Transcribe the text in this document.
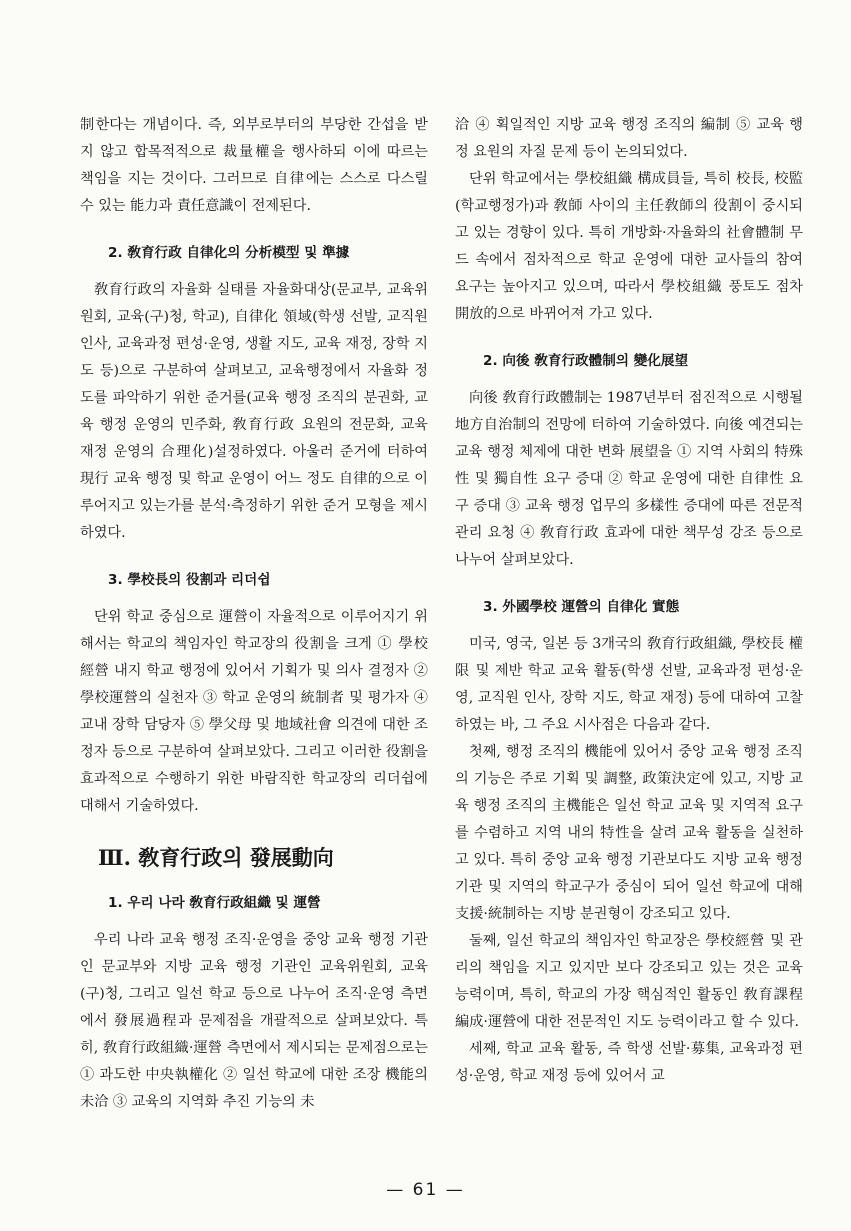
制한다는 개념이다. 즉, 외부로부터의 부당한 간섭을 받지 않고 합목적적으로 裁量權을 행사하되 이에 따르는 책임을 지는 것이다. 그러므로 自律에는 스스로 다스릴 수 있는 能力과 責任意識이 전제된다.

2. 敎育行政 自律化의 分析模型 및 準據

敎育行政의 자율화 실태를 자율화대상(문교부, 교육위원회, 교육(구)청, 학교), 自律化 領域(학생 선발, 교직원 인사, 교육과정 편성·운영, 생활 지도, 교육 재정, 장학 지도 등)으로 구분하여 살펴보고, 교육행정에서 자율화 정도를 파악하기 위한 준거를(교육 행정 조직의 분권화, 교육 행정 운영의 민주화, 敎育行政 요원의 전문화, 교육 재정 운영의 合理化)설정하였다. 아울러 준거에 터하여 現行 교육 행정 및 학교 운영이 어느 정도 自律的으로 이루어지고 있는가를 분석·측정하기 위한 준거 모형을 제시하였다.

3. 學校長의 役割과 리더쉽

단위 학교 중심으로 運營이 자율적으로 이루어지기 위해서는 학교의 책임자인 학교장의 役割을 크게 ① 學校經營 내지 학교 행정에 있어서 기획가 및 의사 결정자 ② 學校運營의 실천자 ③ 학교 운영의 統制者 및 평가자 ④ 교내 장학 담당자 ⑤ 學父母 및 地域社會 의견에 대한 조정자 등으로 구분하여 살펴보았다. 그리고 이러한 役割을 효과적으로 수행하기 위한 바람직한 학교장의 리더쉽에 대해서 기술하였다.

Ⅲ. 敎育行政의 發展動向
1. 우리 나라 敎育行政組織 및 運營

우리 나라 교육 행정 조직·운영을 중앙 교육 행정 기관인 문교부와 지방 교육 행정 기관인 교육위원회, 교육(구)청, 그리고 일선 학교 등으로 나누어 조직·운영 측면에서 發展過程과 문제점을 개괄적으로 살펴보았다. 특히, 敎育行政組織·運營 측면에서 제시되는 문제점으로는 ① 과도한 中央執權化 ② 일선 학교에 대한 조장 機能의 未洽 ③ 교육의 지역화 추진 기능의 未

洽 ④ 획일적인 지방 교육 행정 조직의 編制 ⑤ 교육 행정 요원의 자질 문제 등이 논의되었다.

단위 학교에서는 學校組織 構成員들, 특히 校長, 校監(학교행정가)과 敎師 사이의 主任敎師의 役割이 중시되고 있는 경향이 있다. 특히 개방화·자율화의 社會體制 무드 속에서 점차적으로 학교 운영에 대한 교사들의 참여 요구는 높아지고 있으며, 따라서 學校組織 풍토도 점차 開放的으로 바뀌어져 가고 있다.

2. 向後 敎育行政體制의 變化展望

向後 敎育行政體制는 1987년부터 점진적으로 시행될 地方自治制의 전망에 터하여 기술하였다. 向後 예견되는 교육 행정 체제에 대한 변화 展望을 ① 지역 사회의 特殊性 및 獨自性 요구 증대 ② 학교 운영에 대한 自律性 요구 증대 ③ 교육 행정 업무의 多樣性 증대에 따른 전문적 관리 요청 ④ 敎育行政 효과에 대한 책무성 강조 등으로 나누어 살펴보았다.

3. 外國學校 運營의 自律化 實態

미국, 영국, 일본 등 3개국의 敎育行政組織, 學校長 權限 및 제반 학교 교육 활동(학생 선발, 교육과정 편성·운영, 교직원 인사, 장학 지도, 학교 재정) 등에 대하여 고찰하였는 바, 그 주요 시사점은 다음과 같다.

첫째, 행정 조직의 機能에 있어서 중앙 교육 행정 조직의 기능은 주로 기획 및 調整, 政策決定에 있고, 지방 교육 행정 조직의 主機能은 일선 학교 교육 및 지역적 요구를 수렴하고 지역 내의 特性을 살려 교육 활동을 실천하고 있다. 특히 중앙 교육 행정 기관보다도 지방 교육 행정 기관 및 지역의 학교구가 중심이 되어 일선 학교에 대해 支援·統制하는 지방 분권형이 강조되고 있다.

둘째, 일선 학교의 책임자인 학교장은 學校經營 및 관리의 책임을 지고 있지만 보다 강조되고 있는 것은 교육 능력이며, 특히, 학교의 가장 핵심적인 활동인 敎育課程 編成·運營에 대한 전문적인 지도 능력이라고 할 수 있다.

세째, 학교 교육 활동, 즉 학생 선발·募集, 교육과정 편성·운영, 학교 재정 등에 있어서 교

— 61 —
